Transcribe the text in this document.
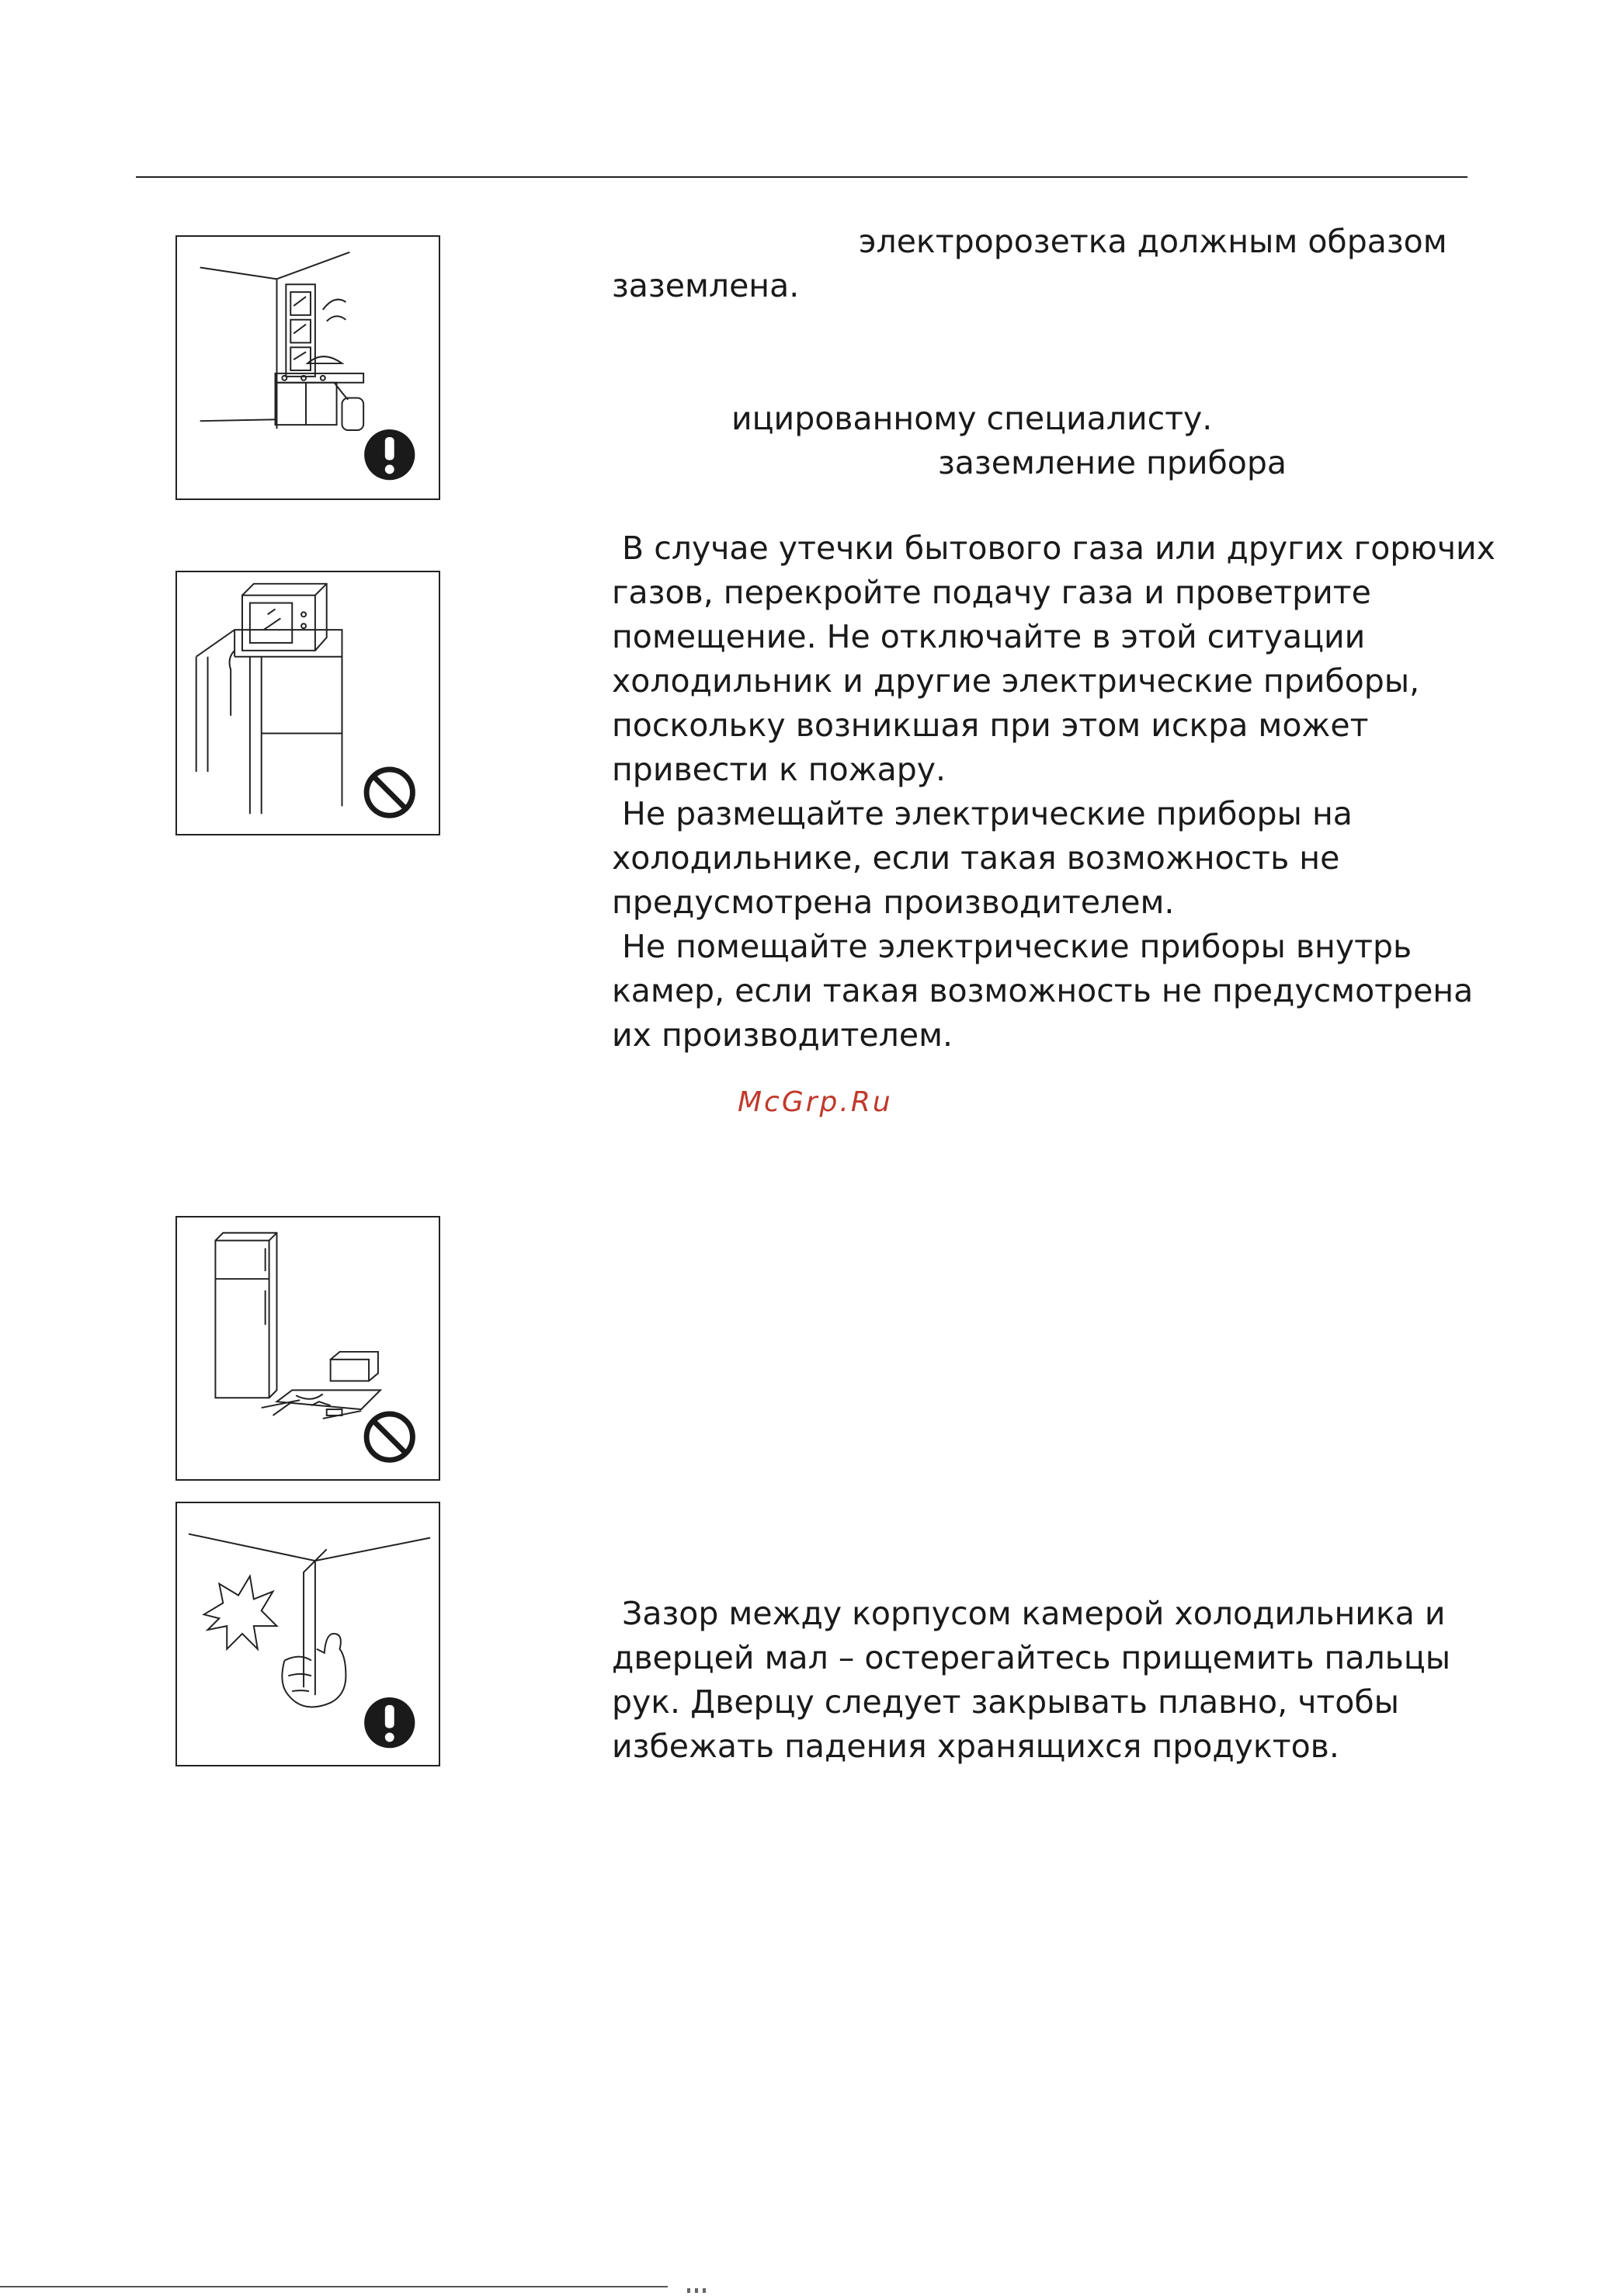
электророзетка должным образом

заземлена.

ицированному специалисту.

заземление прибора

В случае утечки бытового газа или других горючих

газов, перекройте подачу газа и проветрите

помещение. Не отключайте в этой ситуации

холодильник и другие электрические приборы,

поскольку возникшая при этом искра может

привести к пожару.

Не размещайте электрические приборы на

холодильнике, если такая возможность не

предусмотрена производителем.

Не помещайте электрические приборы внутрь

камер, если такая возможность не предусмотрена

их производителем.

McGrp.Ru

Зазор между корпусом камерой холодильника и

дверцей мал – остерегайтесь прищемить пальцы

рук. Дверцу следует закрывать плавно, чтобы

избежать падения хранящихся продуктов.
